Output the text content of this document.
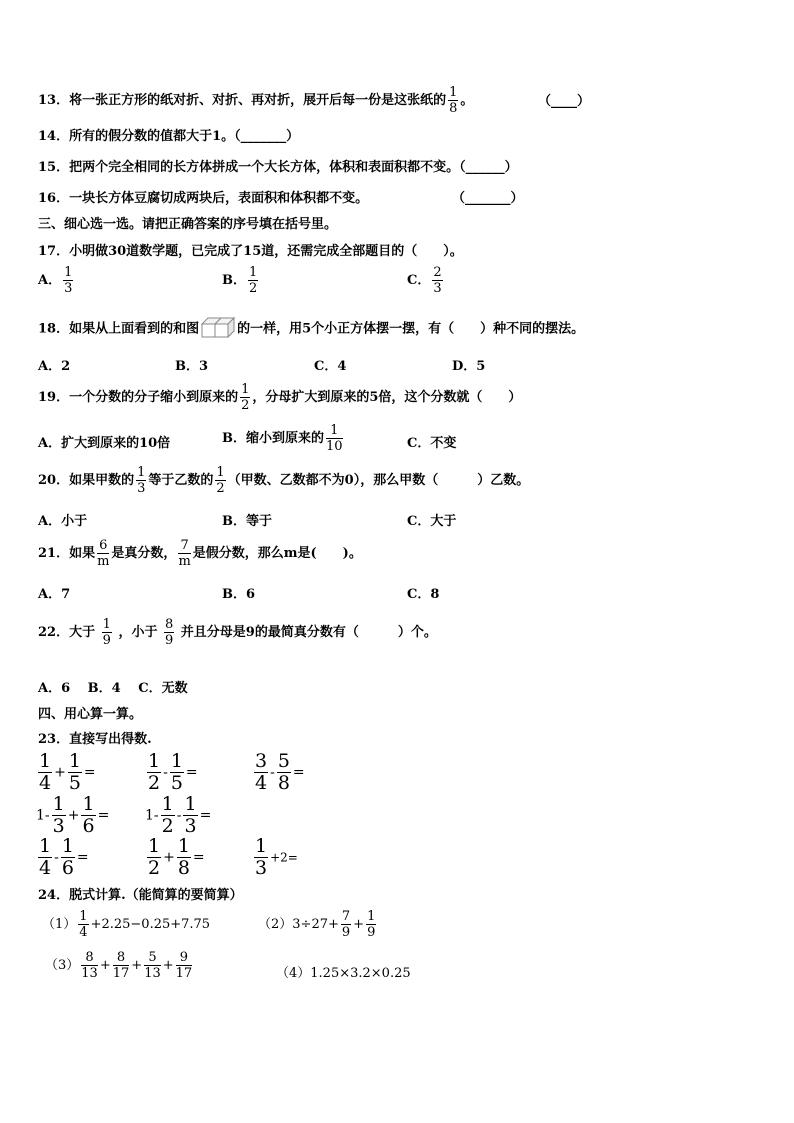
13．将一张正方形的纸对折、对折、再对折，展开后每一份是这张纸的 $\frac{1}{8}$ 。	（____）
14．所有的假分数的值都大于1。（_______）
15．把两个完全相同的长方体拼成一个大长方体，体积和表面积都不变。（______）
16．一块长方体豆腐切成两块后，表面积和体积都不变。	（_______）
三、细心选一选。请把正确答案的序号填在括号里。
17．小明做30道数学题，已完成了15道，还需完成全部题目的（　　）。
A． $\frac{1}{3}$	B． $\frac{1}{2}$	C． $\frac{2}{3}$
18．如果从上面看到的和图	的一样，用5个小正方体摆一摆，有（　　）种不同的摆法。
A．2	B．3	C．4	D．5
19．一个分数的分子缩小到原来的 $\frac{1}{2}$ ，分母扩大到原来的5倍，这个分数就（　　）
A．扩大到原来的10倍	B．缩小到原来的 $\frac{1}{10}$	C．不变
20．如果甲数的 $\frac{1}{3}$ 等于乙数的 $\frac{1}{2}$ （甲数、乙数都不为0），那么甲数（　　　）乙数。
A．小于	B．等于	C．大于
21．如果 $\frac{6}{m}$ 是真分数， $\frac{7}{m}$ 是假分数，那么m是(　　)。
A．7	B．6	C．8
22．大于 $\frac{1}{9}$ ，小于 $\frac{8}{9}$ 并且分母是9的最简真分数有（　　　）个。
A．6　 B．4　 C．无数
四、用心算一算。
23．直接写出得数.
$\frac{1}{4} + \frac{1}{5}$ =	$\frac{1}{2} - \frac{1}{5}$ =	$\frac{3}{4} - \frac{5}{8}$ =
$1- \frac{1}{3} + \frac{1}{6}$ =	$1- \frac{1}{2} - \frac{1}{3}$ =
$\frac{1}{4} - \frac{1}{6}$ =	$\frac{1}{2} + \frac{1}{8}$ =	$\frac{1}{3} +2=$
24．脱式计算.（能简算的要简算）
$(1) \frac{1}{4} +2.25-0.25+7.75$	$(2)3\div 27+ \frac{7}{9} + \frac{1}{9}$
$(3) \frac{8}{13} + \frac{8}{17} + \frac{5}{13} + \frac{9}{17}$	（4）1.25×3.2×0.25
